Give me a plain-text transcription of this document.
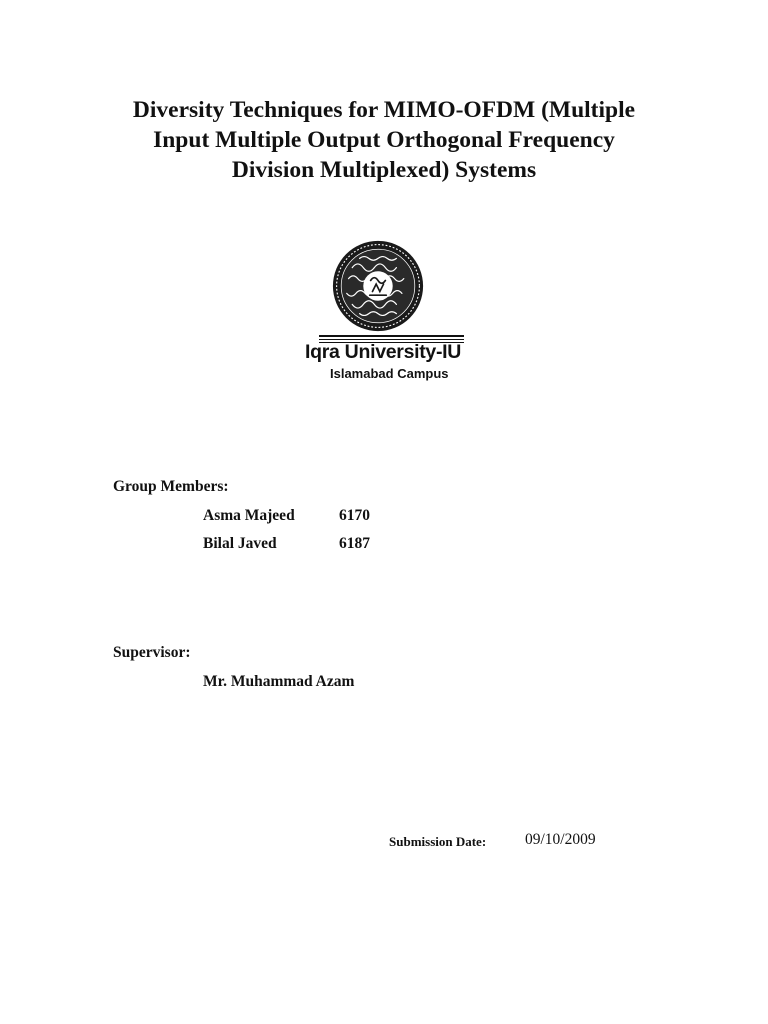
Diversity Techniques for MIMO-OFDM (Multiple
Input Multiple Output Orthogonal Frequency
Division Multiplexed) Systems
Iqra University-IU
Islamabad Campus
Group Members:
Asma Majeed	6170
Bilal Javed	6187
Supervisor:
Mr. Muhammad Azam
Submission Date:	09/10/2009
